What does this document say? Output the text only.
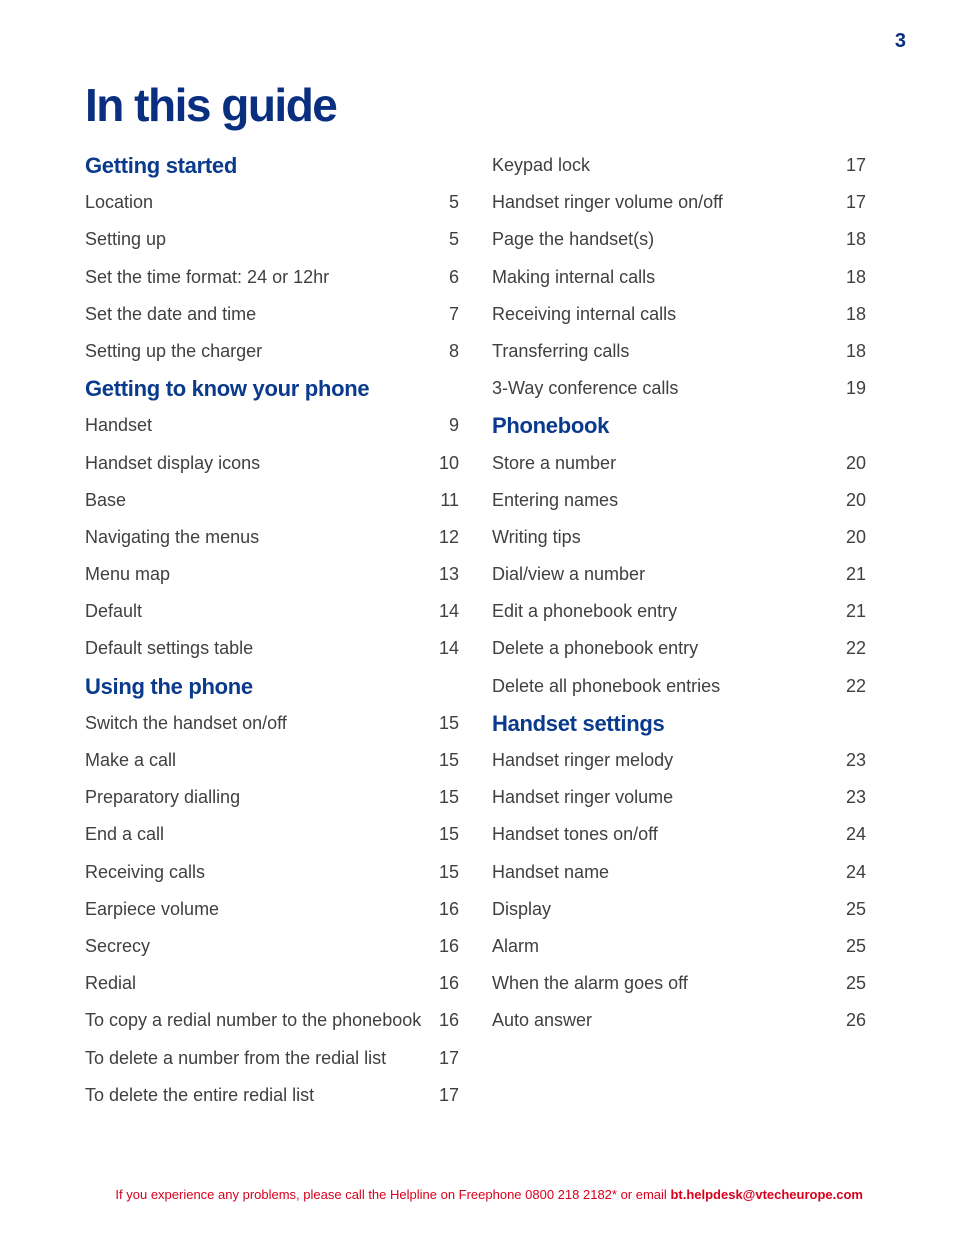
3
In this guide
Getting started
Location	5
Setting up	5
Set the time format: 24 or 12hr	6
Set the date and time	7
Setting up the charger	8
Getting to know your phone
Handset	9
Handset display icons	10
Base	11
Navigating the menus	12
Menu map	13
Default	14
Default settings table	14
Using the phone
Switch the handset on/off	15
Make a call	15
Preparatory dialling	15
End a call	15
Receiving calls	15
Earpiece volume	16
Secrecy	16
Redial	16
To copy a redial number to the phonebook 16
To delete a number from the redial list	17
To delete the entire redial list	17
Keypad lock	17
Handset ringer volume on/off	17
Page the handset(s)	18
Making internal calls	18
Receiving internal calls	18
Transferring calls	18
3-Way conference calls	19
Phonebook
Store a number	20
Entering names	20
Writing tips	20
Dial/view a number	21
Edit a phonebook entry	21
Delete a phonebook entry	22
Delete all phonebook entries	22
Handset settings
Handset ringer melody	23
Handset ringer volume	23
Handset tones on/off	24
Handset name	24
Display	25
Alarm	25
When the alarm goes off	25
Auto answer	26
If you experience any problems, please call the Helpline on Freephone 0800 218 2182* or email bt.helpdesk@vtecheurope.com
